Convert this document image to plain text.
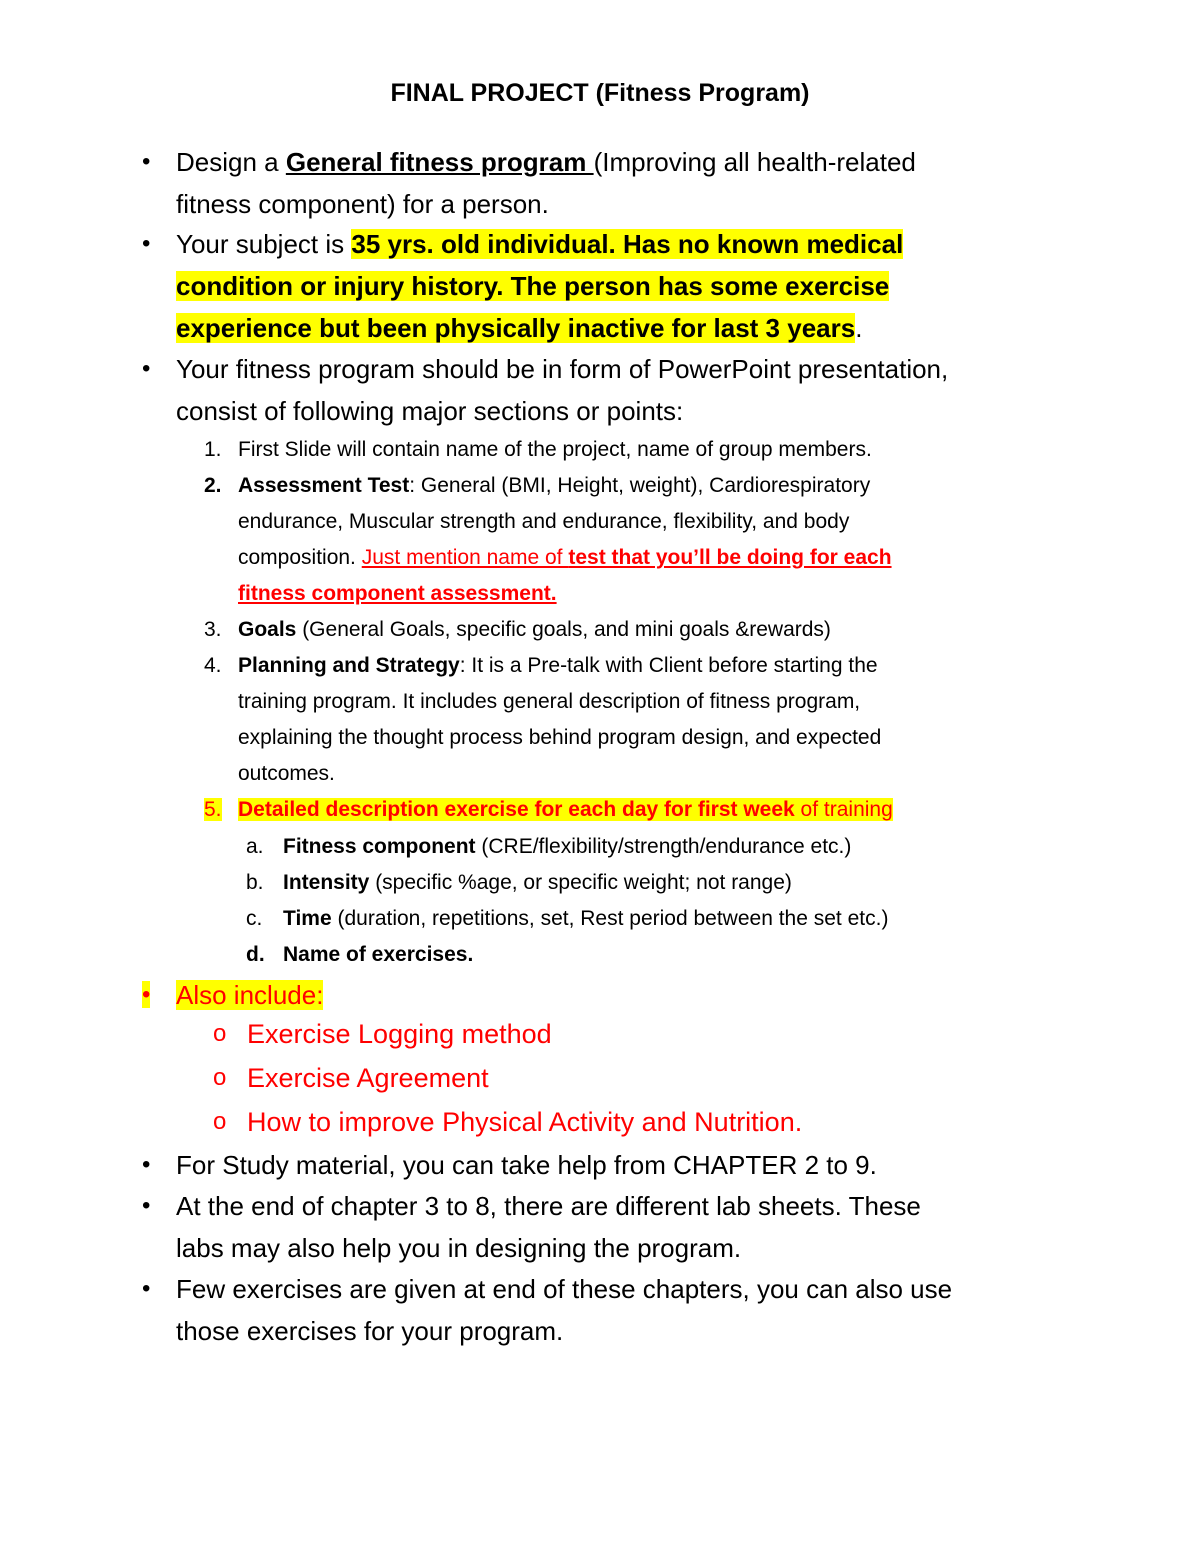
FINAL PROJECT (Fitness Program)
• Design a General fitness program (Improving all health-related
fitness component) for a person.
• Your subject is 35 yrs. old individual. Has no known medical
condition or injury history. The person has some exercise
experience but been physically inactive for last 3 years.
• Your fitness program should be in form of PowerPoint presentation,
consist of following major sections or points:
1. First Slide will contain name of the project, name of group members.
2. Assessment Test: General (BMI, Height, weight), Cardiorespiratory
endurance, Muscular strength and endurance, flexibility, and body
composition. Just mention name of test that you’ll be doing for each
fitness component assessment.
3. Goals (General Goals, specific goals, and mini goals &rewards)
4. Planning and Strategy: It is a Pre-talk with Client before starting the
training program. It includes general description of fitness program,
explaining the thought process behind program design, and expected
outcomes.
5. Detailed description exercise for each day for first week of training
a. Fitness component (CRE/flexibility/strength/endurance etc.)
b. Intensity (specific %age, or specific weight; not range)
c. Time (duration, repetitions, set, Rest period between the set etc.)
d. Name of exercises.
• Also include:
o Exercise Logging method
o Exercise Agreement
o How to improve Physical Activity and Nutrition.
• For Study material, you can take help from CHAPTER 2 to 9.
• At the end of chapter 3 to 8, there are different lab sheets. These
labs may also help you in designing the program.
• Few exercises are given at end of these chapters, you can also use
those exercises for your program.
